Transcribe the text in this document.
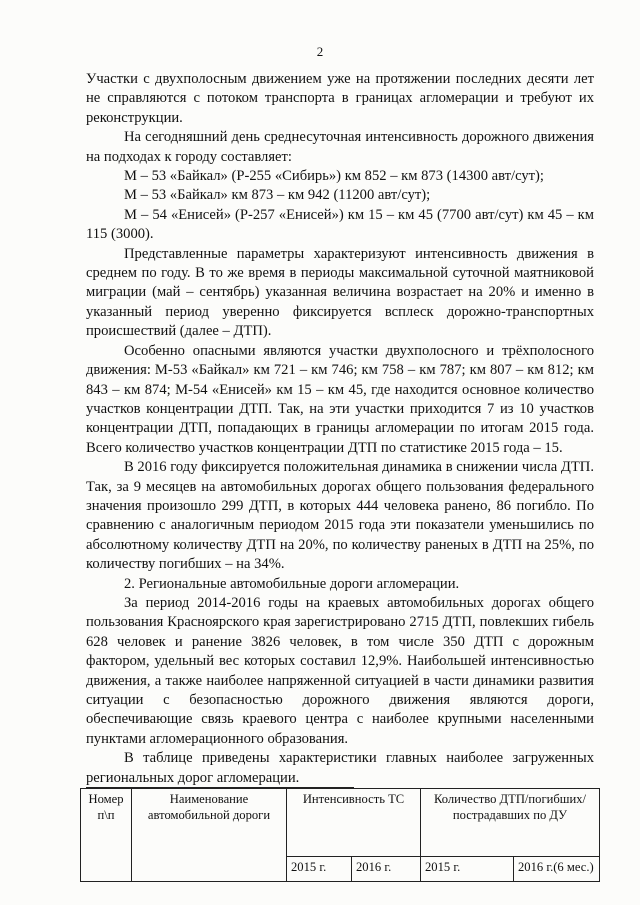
2

Участки с двухполосным движением уже на протяжении последних десяти лет не справляются с потоком транспорта в границах агломерации и требуют их реконструкции.

На сегодняшний день среднесуточная интенсивность дорожного движения на подходах к городу составляет:

М – 53 «Байкал» (Р-255 «Сибирь») км 852 – км 873 (14300 авт/сут);

М – 53 «Байкал» км 873 – км 942 (11200 авт/сут);

М – 54 «Енисей» (Р-257 «Енисей») км 15 – км 45 (7700 авт/сут) км 45 – км 115 (3000).

Представленные параметры характеризуют интенсивность движения в среднем по году. В то же время в периоды максимальной суточной маятниковой миграции (май – сентябрь) указанная величина возрастает на 20% и именно в указанный период уверенно фиксируется всплеск дорожно-транспортных происшествий (далее – ДТП).

Особенно опасными являются участки двухполосного и трёхполосного движения: М-53 «Байкал» км 721 – км 746; км 758 – км 787; км 807 – км 812; км 843 – км 874; М-54 «Енисей» км 15 – км 45, где находится основное количество участков концентрации ДТП. Так, на эти участки приходится 7 из 10 участков концентрации ДТП, попадающих в границы агломерации по итогам 2015 года. Всего количество участков концентрации ДТП по статистике 2015 года – 15.

В 2016 году фиксируется положительная динамика в снижении числа ДТП. Так, за 9 месяцев на автомобильных дорогах общего пользования федерального значения произошло 299 ДТП, в которых 444 человека ранено, 86 погибло. По сравнению с аналогичным периодом 2015 года эти показатели уменьшились по абсолютному количеству ДТП на 20%, по количеству раненых в ДТП на 25%, по количеству погибших – на 34%.

2. Региональные автомобильные дороги агломерации.

За период 2014-2016 годы на краевых автомобильных дорогах общего пользования Красноярского края зарегистрировано 2715 ДТП, повлекших гибель 628 человек и ранение 3826 человек, в том числе 350 ДТП с дорожным фактором, удельный вес которых составил 12,9%. Наибольшей интенсивностью движения, а также наиболее напряженной ситуацией в части динамики развития ситуации с безопасностью дорожного движения являются дороги, обеспечивающие связь краевого центра с наиболее крупными населенными пунктами агломерационного образования.

В таблице приведены характеристики главных наиболее загруженных региональных дорог агломерации.

Номер п\п	Наименование автомобильной дороги	Интенсивность ТС		Количество ДТП/погибших/пострадавших по ДУ	
		2015 г.	2016 г.	2015 г.	2016 г.(6 мес.)
